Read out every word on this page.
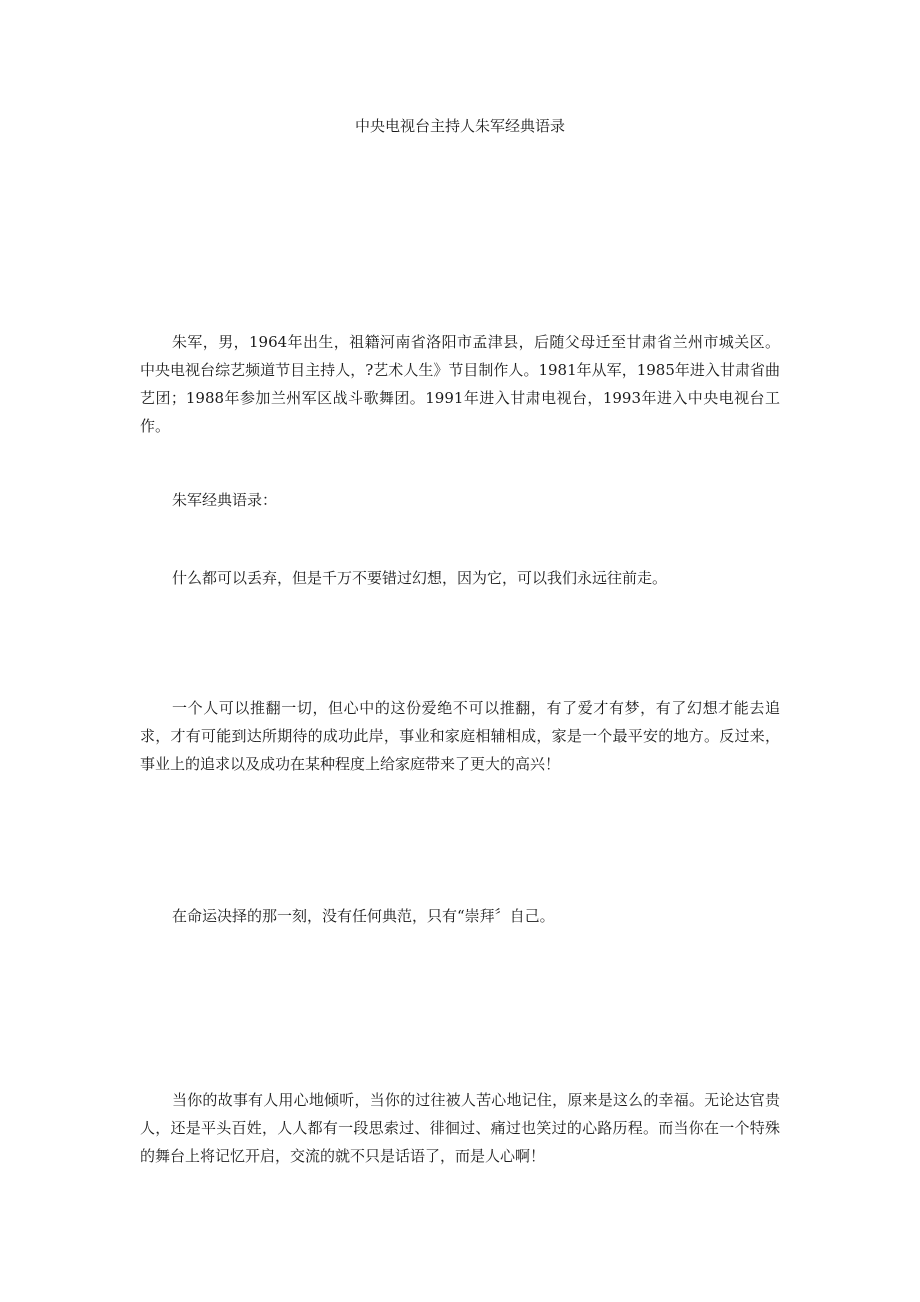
中央电视台主持人朱军经典语录

朱军，男，1964年出生，祖籍河南省洛阳市孟津县，后随父母迁至甘肃省兰州市城关区。中央电视台综艺频道节目主持人，?艺术人生》节目制作人。1981年从军，1985年进入甘肃省曲艺团；1988年参加兰州军区战斗歌舞团。1991年进入甘肃电视台，1993年进入中央电视台工作。

朱军经典语录：

什么都可以丢弃，但是千万不要错过幻想，因为它，可以我们永远往前走。

一个人可以推翻一切，但心中的这份爱绝不可以推翻，有了爱才有梦，有了幻想才能去追求，才有可能到达所期待的成功此岸，事业和家庭相辅相成，家是一个最平安的地方。反过来，事业上的追求以及成功在某种程度上给家庭带来了更大的高兴！

在命运决择的那一刻，没有任何典范，只有“崇拜〞自己。

当你的故事有人用心地倾听，当你的过往被人苦心地记住，原来是这么的幸福。无论达官贵人，还是平头百姓，人人都有一段思索过、徘徊过、痛过也笑过的心路历程。而当你在一个特殊的舞台上将记忆开启，交流的就不只是话语了，而是人心啊！
